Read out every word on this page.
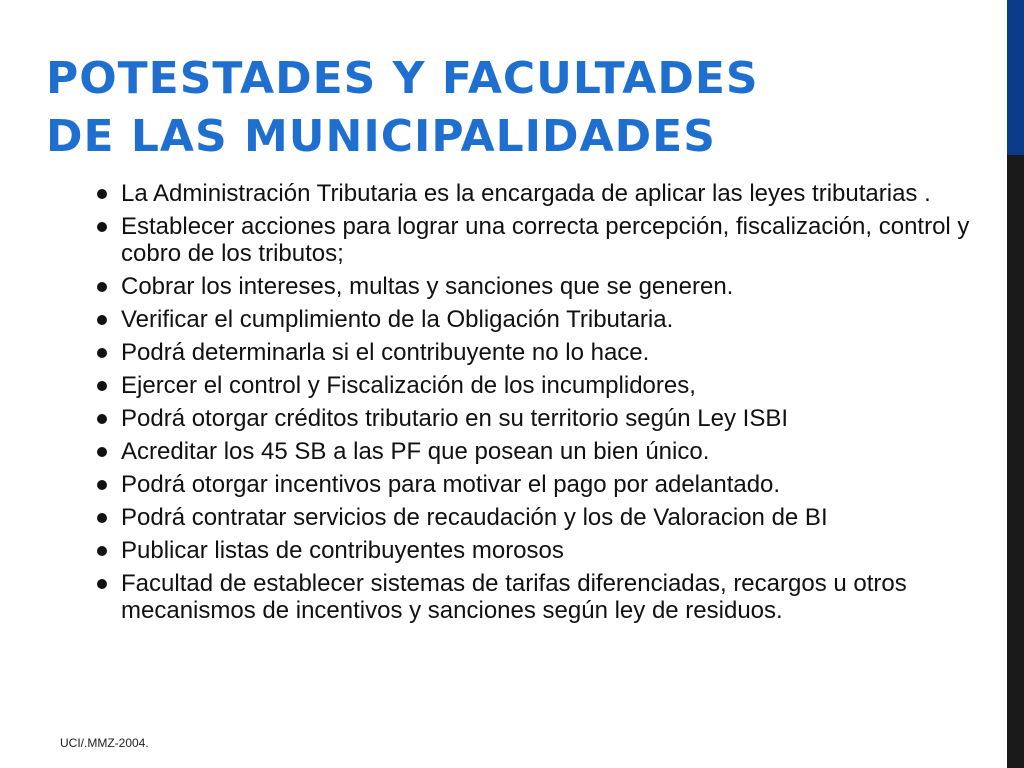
POTESTADES Y FACULTADES
DE LAS MUNICIPALIDADES
La Administración Tributaria es la encargada de aplicar las leyes tributarias .
Establecer acciones para lograr una correcta percepción, fiscalización, control y cobro de los tributos;
Cobrar los intereses, multas y sanciones que se generen.
Verificar el cumplimiento de la Obligación Tributaria.
Podrá determinarla si el contribuyente no lo hace.
Ejercer el control y Fiscalización de los incumplidores,
Podrá otorgar créditos tributario en su territorio según Ley ISBI
Acreditar los 45 SB a las PF que posean un bien único.
Podrá otorgar incentivos para motivar el pago por adelantado.
Podrá contratar servicios de recaudación y los de Valoracion de BI
Publicar listas de contribuyentes morosos
Facultad de establecer sistemas de tarifas diferenciadas, recargos u otros mecanismos de incentivos y sanciones según ley de residuos.
UCI/.MMZ-2004.
